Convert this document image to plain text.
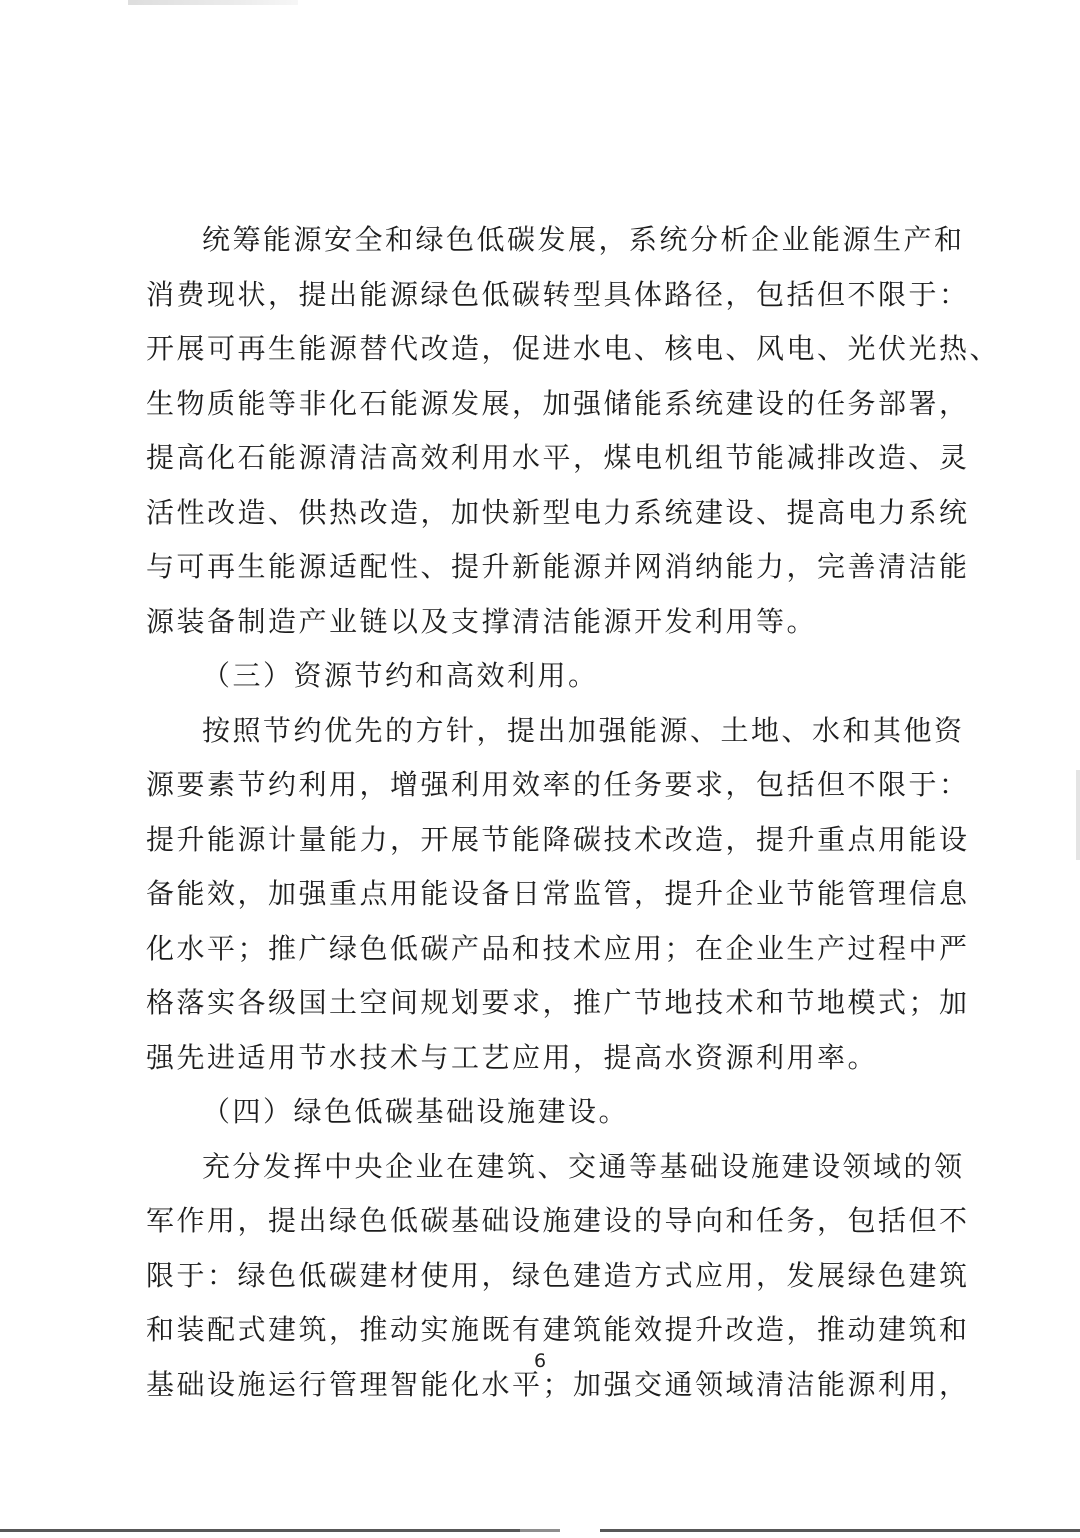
统筹能源安全和绿色低碳发展，系统分析企业能源生产和
消费现状，提出能源绿色低碳转型具体路径，包括但不限于：
开展可再生能源替代改造，促进水电、核电、风电、光伏光热、
生物质能等非化石能源发展，加强储能系统建设的任务部署，
提高化石能源清洁高效利用水平，煤电机组节能减排改造、灵
活性改造、供热改造，加快新型电力系统建设、提高电力系统
与可再生能源适配性、提升新能源并网消纳能力，完善清洁能
源装备制造产业链以及支撑清洁能源开发利用等。
（三）资源节约和高效利用。
按照节约优先的方针，提出加强能源、土地、水和其他资
源要素节约利用，增强利用效率的任务要求，包括但不限于：
提升能源计量能力，开展节能降碳技术改造，提升重点用能设
备能效，加强重点用能设备日常监管，提升企业节能管理信息
化水平；推广绿色低碳产品和技术应用；在企业生产过程中严
格落实各级国土空间规划要求，推广节地技术和节地模式；加
强先进适用节水技术与工艺应用，提高水资源利用率。
（四）绿色低碳基础设施建设。
充分发挥中央企业在建筑、交通等基础设施建设领域的领
军作用，提出绿色低碳基础设施建设的导向和任务，包括但不
限于：绿色低碳建材使用，绿色建造方式应用，发展绿色建筑
和装配式建筑，推动实施既有建筑能效提升改造，推动建筑和
基础设施运行管理智能化水平；加强交通领域清洁能源利用，
6
